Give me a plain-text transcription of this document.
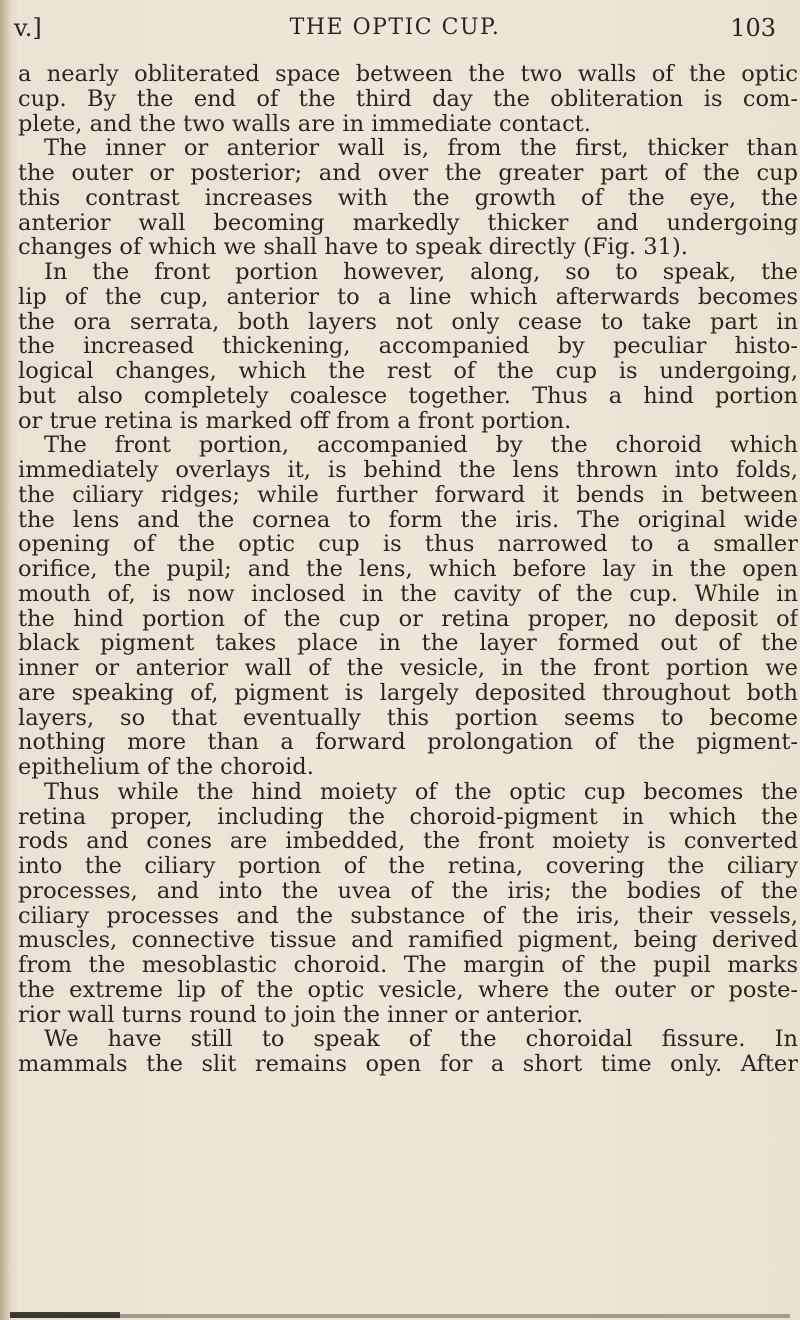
v.]	THE OPTIC CUP.	103
a nearly obliterated space between the two walls of the optic
cup. By the end of the third day the obliteration is com-
plete, and the two walls are in immediate contact.
The inner or anterior wall is, from the first, thicker than
the outer or posterior; and over the greater part of the cup
this contrast increases with the growth of the eye, the
anterior wall becoming markedly thicker and undergoing
changes of which we shall have to speak directly (Fig. 31).
In the front portion however, along, so to speak, the
lip of the cup, anterior to a line which afterwards becomes
the ora serrata, both layers not only cease to take part in
the increased thickening, accompanied by peculiar histo-
logical changes, which the rest of the cup is undergoing,
but also completely coalesce together. Thus a hind portion
or true retina is marked off from a front portion.
The front portion, accompanied by the choroid which
immediately overlays it, is behind the lens thrown into folds,
the ciliary ridges; while further forward it bends in between
the lens and the cornea to form the iris. The original wide
opening of the optic cup is thus narrowed to a smaller
orifice, the pupil; and the lens, which before lay in the open
mouth of, is now inclosed in the cavity of the cup. While in
the hind portion of the cup or retina proper, no deposit of
black pigment takes place in the layer formed out of the
inner or anterior wall of the vesicle, in the front portion we
are speaking of, pigment is largely deposited throughout both
layers, so that eventually this portion seems to become
nothing more than a forward prolongation of the pigment-
epithelium of the choroid.
Thus while the hind moiety of the optic cup becomes the
retina proper, including the choroid-pigment in which the
rods and cones are imbedded, the front moiety is converted
into the ciliary portion of the retina, covering the ciliary
processes, and into the uvea of the iris; the bodies of the
ciliary processes and the substance of the iris, their vessels,
muscles, connective tissue and ramified pigment, being derived
from the mesoblastic choroid. The margin of the pupil marks
the extreme lip of the optic vesicle, where the outer or poste-
rior wall turns round to join the inner or anterior.
We have still to speak of the choroidal fissure. In
mammals the slit remains open for a short time only. After
